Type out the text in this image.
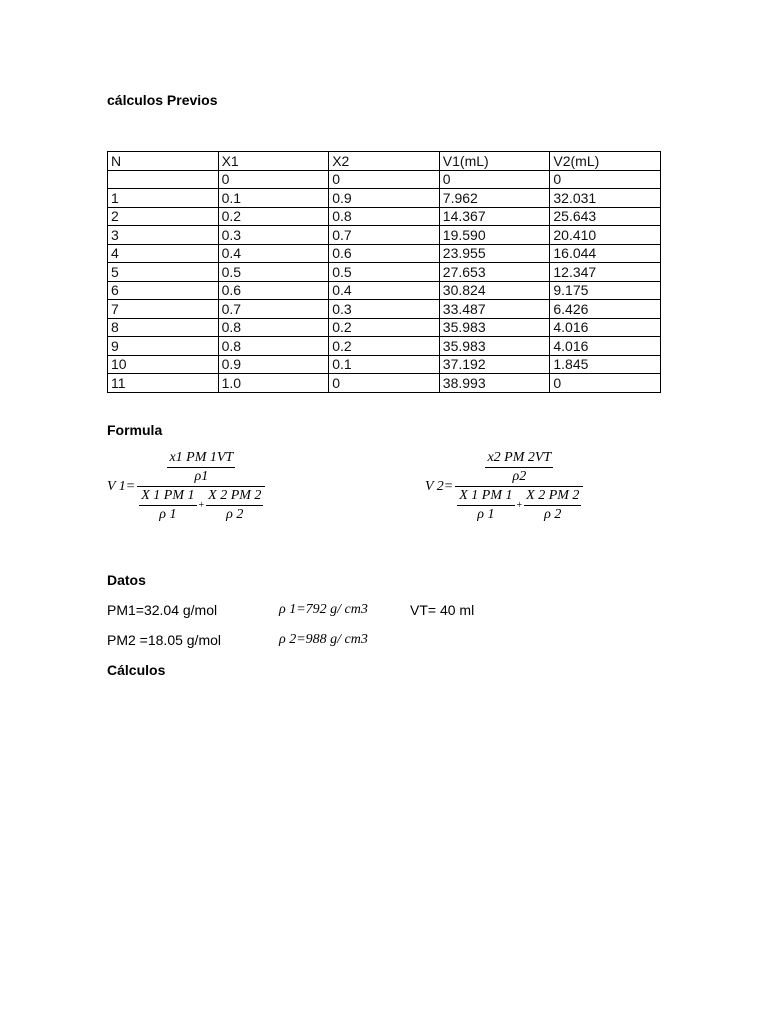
cálculos Previos
N	X1	X2	V1(mL)	V2(mL)
	0	0	0	0
1	0.1	0.9	7.962	32.031
2	0.2	0.8	14.367	25.643
3	0.3	0.7	19.590	20.410
4	0.4	0.6	23.955	16.044
5	0.5	0.5	27.653	12.347
6	0.6	0.4	30.824	9.175
7	0.7	0.3	33.487	6.426
8	0.8	0.2	35.983	4.016
9	0.8	0.2	35.983	4.016
10	0.9	0.1	37.192	1.845
11	1.0	0	38.993	0
Formula
V 1=
$\frac{x1 PM 1VT}{\rho 1}$
$\frac{X 1 PM 1}{\rho 1} + \frac{X 2 PM 2}{\rho 2}$
V 2=
$\frac{x2 PM 2VT}{\rho 2}$
$\frac{X 1 PM 1}{\rho 1} + \frac{X 2 PM 2}{\rho 2}$
Datos
PM1=32.04 g/mol	ρ 1=792 g/ cm3	VT= 40 ml
PM2 =18.05 g/mol	ρ 2=988 g/ cm3
Cálculos
